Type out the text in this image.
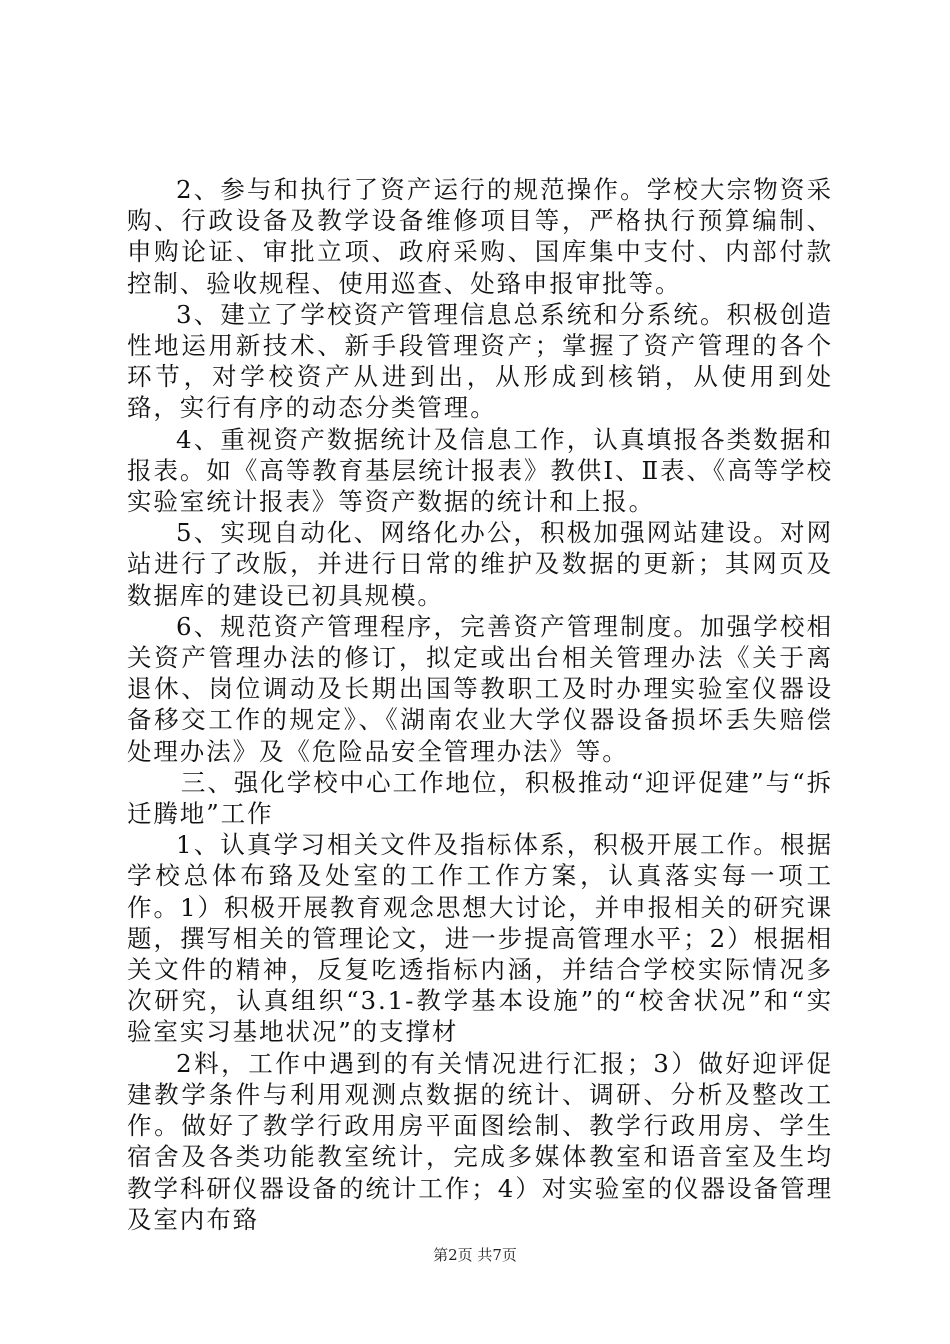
2、参与和执行了资产运行的规范操作。学校大宗物资采购、行政设备及教学设备维修项目等，严格执行预算编制、申购论证、审批立项、政府采购、国库集中支付、内部付款控制、验收规程、使用巡查、处臵申报审批等。

3、建立了学校资产管理信息总系统和分系统。积极创造性地运用新技术、新手段管理资产；掌握了资产管理的各个环节，对学校资产从进到出，从形成到核销，从使用到处臵，实行有序的动态分类管理。

4、重视资产数据统计及信息工作，认真填报各类数据和报表。如《高等教育基层统计报表》教供Ⅰ、Ⅱ表、《高等学校实验室统计报表》等资产数据的统计和上报。

5、实现自动化、网络化办公，积极加强网站建设。对网站进行了改版，并进行日常的维护及数据的更新；其网页及数据库的建设已初具规模。

6、规范资产管理程序，完善资产管理制度。加强学校相关资产管理办法的修订，拟定或出台相关管理办法《关于离退休、岗位调动及长期出国等教职工及时办理实验室仪器设备移交工作的规定》、《湖南农业大学仪器设备损坏丢失赔偿处理办法》及《危险品安全管理办法》等。

三、强化学校中心工作地位，积极推动“迎评促建”与“拆迁腾地”工作

1、认真学习相关文件及指标体系，积极开展工作。根据学校总体布臵及处室的工作工作方案，认真落实每一项工作。1）积极开展教育观念思想大讨论，并申报相关的研究课题，撰写相关的管理论文，进一步提高管理水平；2）根据相关文件的精神，反复吃透指标内涵，并结合学校实际情况多次研究，认真组织“3.1-教学基本设施”的“校舍状况”和“实验室实习基地状况”的支撑材

2料，工作中遇到的有关情况进行汇报；3）做好迎评促建教学条件与利用观测点数据的统计、调研、分析及整改工作。做好了教学行政用房平面图绘制、教学行政用房、学生宿舍及各类功能教室统计，完成多媒体教室和语音室及生均教学科研仪器设备的统计工作；4）对实验室的仪器设备管理及室内布臵

第2页 共7页
